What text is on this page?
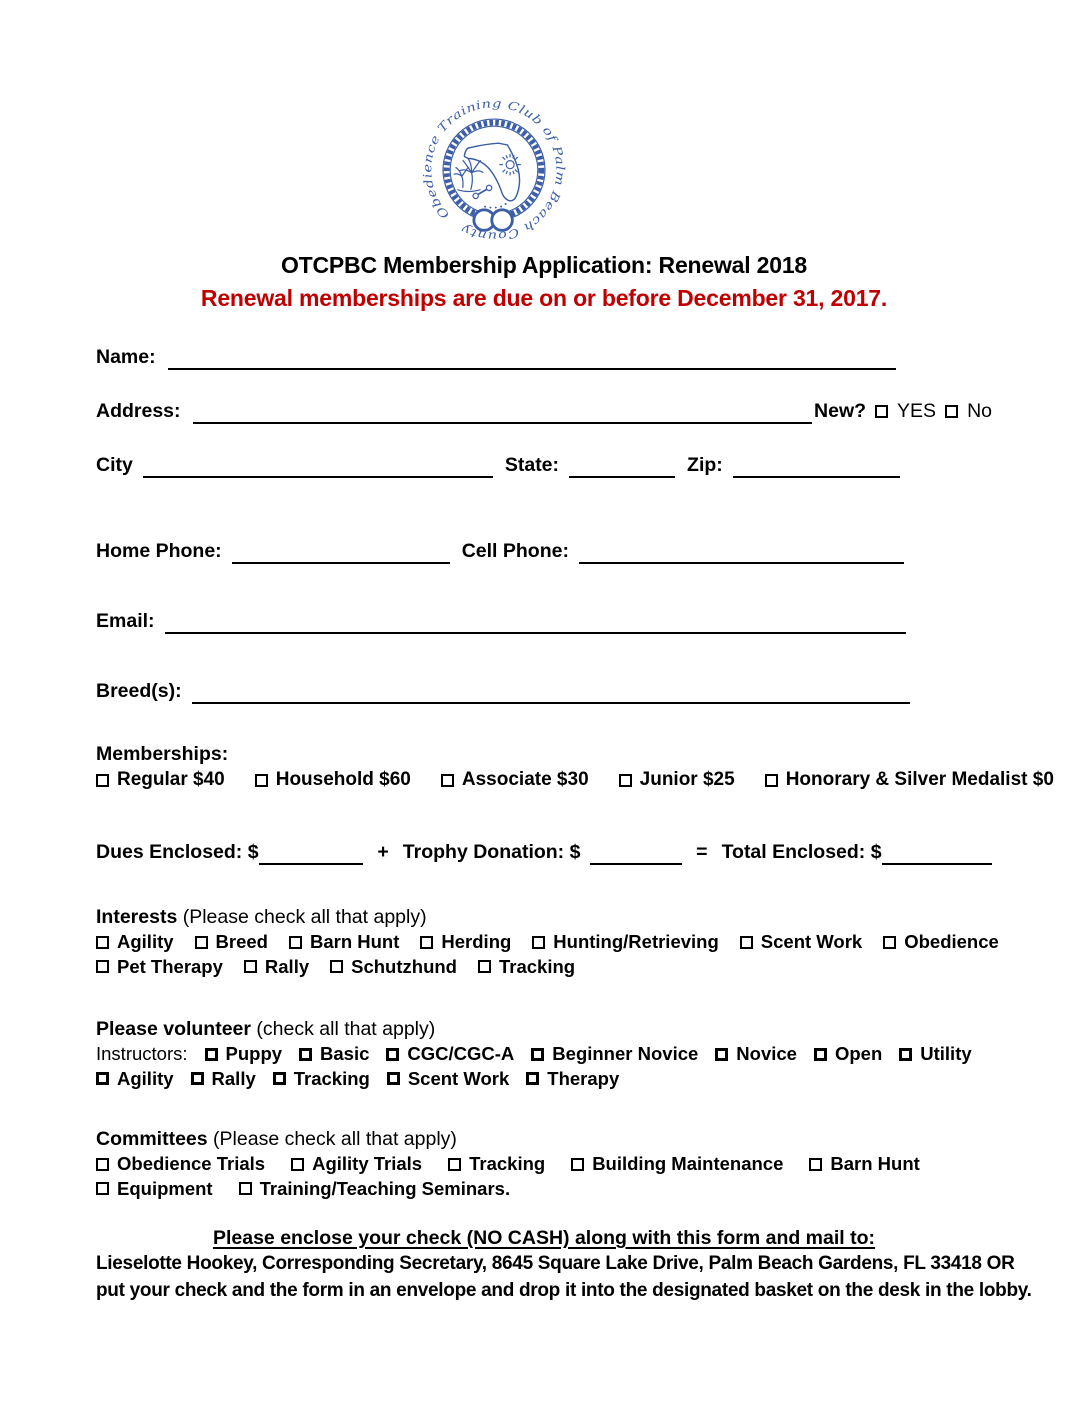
Obedience Training Club of Palm Beach County
OTCPBC Membership Application: Renewal 2018
Renewal memberships are due on or before December 31, 2017.
Name:
Address:	New? YES No
City	State:	Zip:
Home Phone:	Cell Phone:
Email:
Breed(s):
Memberships:
Regular $40	Household $60	Associate $30	Junior $25	Honorary & Silver Medalist $0
Dues Enclosed: $	+ Trophy Donation: $	= Total Enclosed: $
Interests (Please check all that apply)
Agility Breed Barn Hunt Herding Hunting/Retrieving Scent Work Obedience
Pet Therapy Rally Schutzhund Tracking
Please volunteer (check all that apply)
Instructors: Puppy Basic CGC/CGC-A Beginner Novice Novice Open Utility
Agility Rally Tracking Scent Work Therapy
Committees (Please check all that apply)
Obedience Trials	Agility Trials	Tracking	Building Maintenance	Barn Hunt
Equipment	Training/Teaching Seminars.
Please enclose your check (NO CASH) along with this form and mail to:
Lieselotte Hookey, Corresponding Secretary, 8645 Square Lake Drive, Palm Beach Gardens, FL 33418 OR
put your check and the form in an envelope and drop it into the designated basket on the desk in the lobby.
